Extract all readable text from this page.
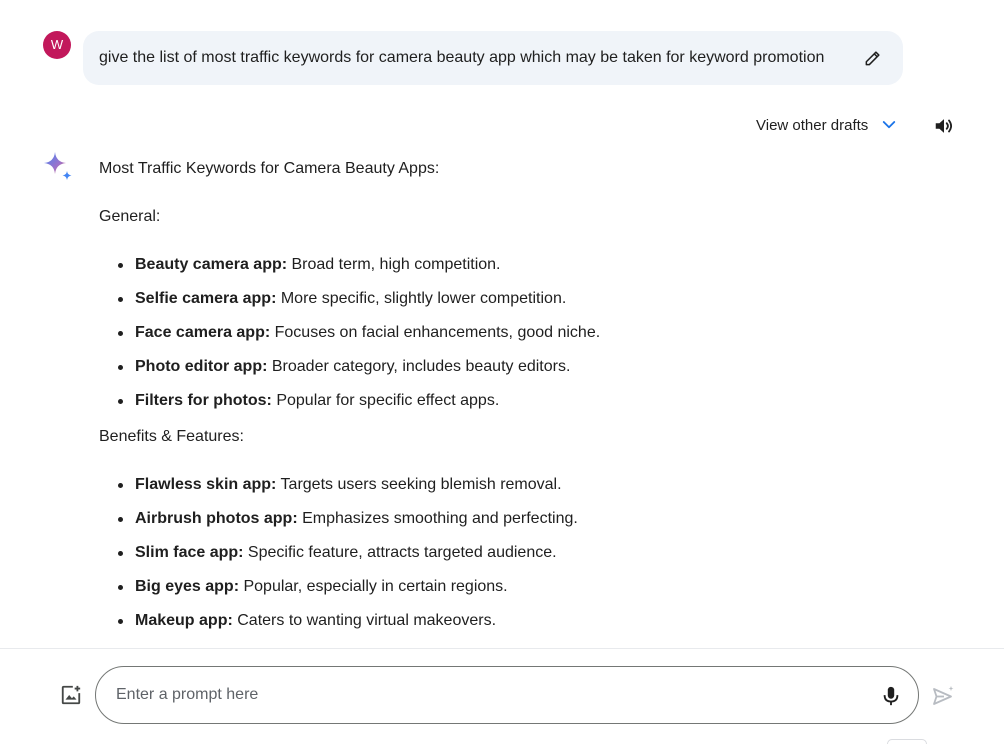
W
give the list of most traffic keywords for camera beauty app which may be taken for keyword promotion
View other drafts
Most Traffic Keywords for Camera Beauty Apps:
General:
Beauty camera app: Broad term, high competition.
Selfie camera app: More specific, slightly lower competition.
Face camera app: Focuses on facial enhancements, good niche.
Photo editor app: Broader category, includes beauty editors.
Filters for photos: Popular for specific effect apps.
Benefits & Features:
Flawless skin app: Targets users seeking blemish removal.
Airbrush photos app: Emphasizes smoothing and perfecting.
Slim face app: Specific feature, attracts targeted audience.
Big eyes app: Popular, especially in certain regions.
Makeup app: Caters to wanting virtual makeovers.
Enter a prompt here
